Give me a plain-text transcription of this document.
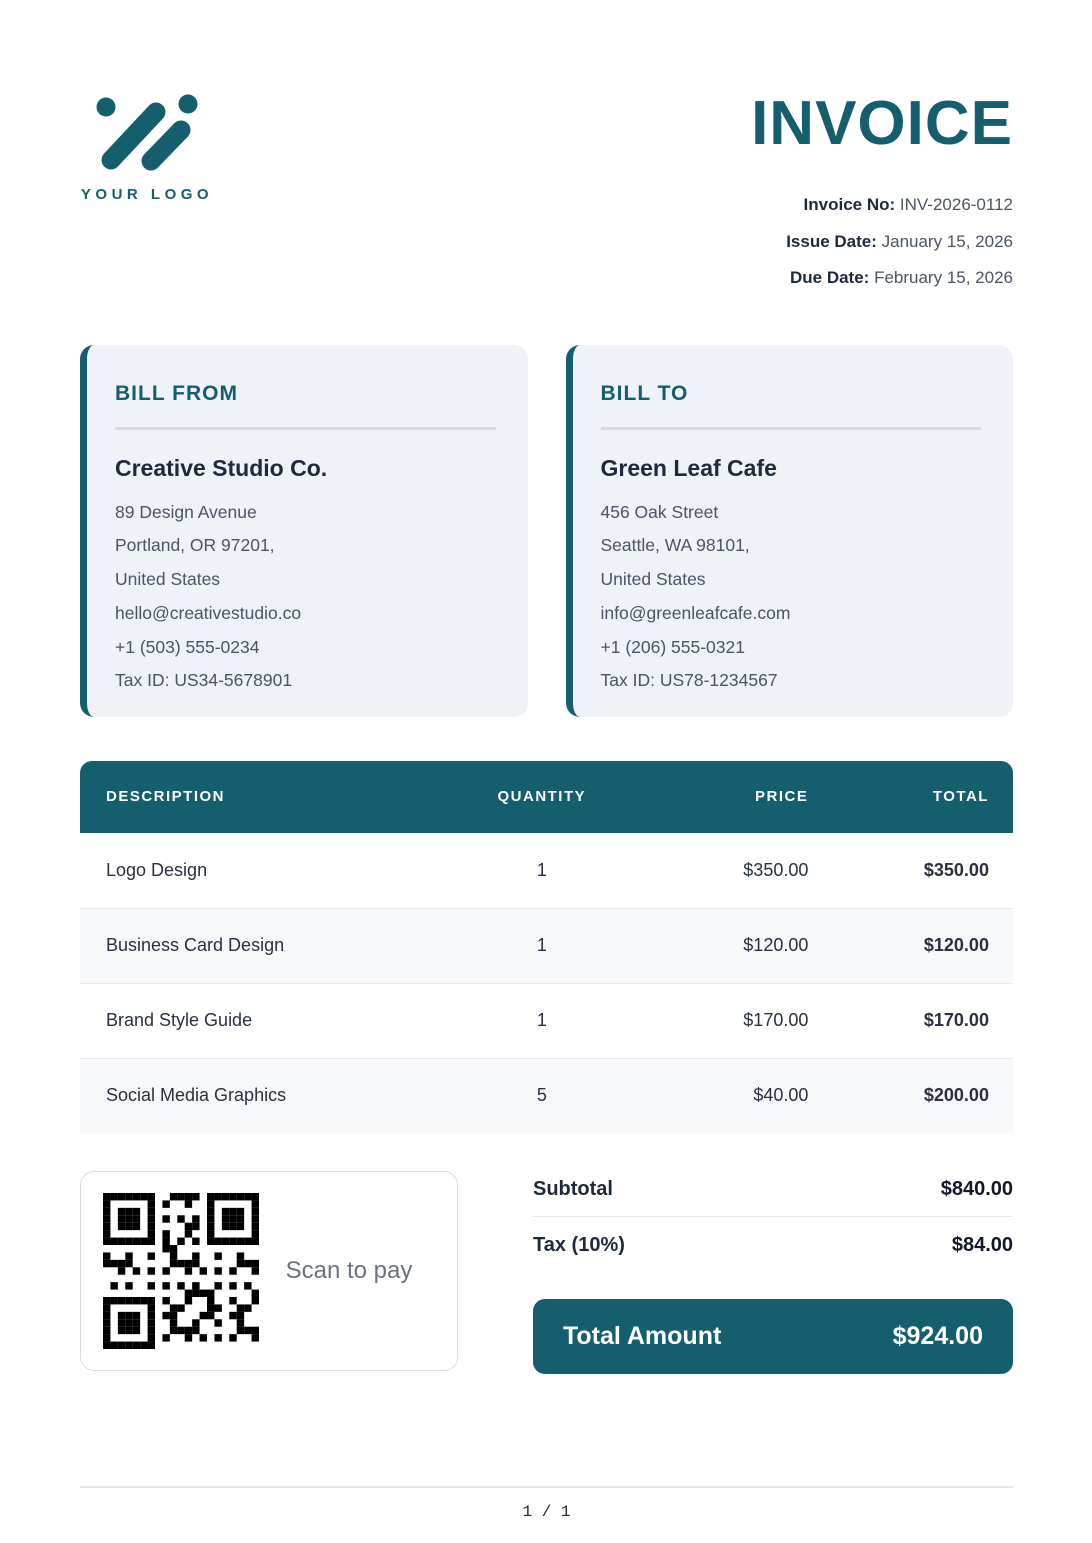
YOUR LOGO
INVOICE
Invoice No: INV-2026-0112
Issue Date: January 15, 2026
Due Date: February 15, 2026
BILL FROM
Creative Studio Co.
89 Design Avenue
Portland, OR 97201,
United States
hello@creativestudio.co
+1 (503) 555-0234
Tax ID: US34-5678901
BILL TO
Green Leaf Cafe
456 Oak Street
Seattle, WA 98101,
United States
info@greenleafcafe.com
+1 (206) 555-0321
Tax ID: US78-1234567
DESCRIPTION	QUANTITY	PRICE	TOTAL
Logo Design	1	$350.00	$350.00
Business Card Design	1	$120.00	$120.00
Brand Style Guide	1	$170.00	$170.00
Social Media Graphics	5	$40.00	$200.00
Scan to pay
Subtotal	$840.00
Tax (10%)	$84.00
Total Amount	$924.00
1 / 1
